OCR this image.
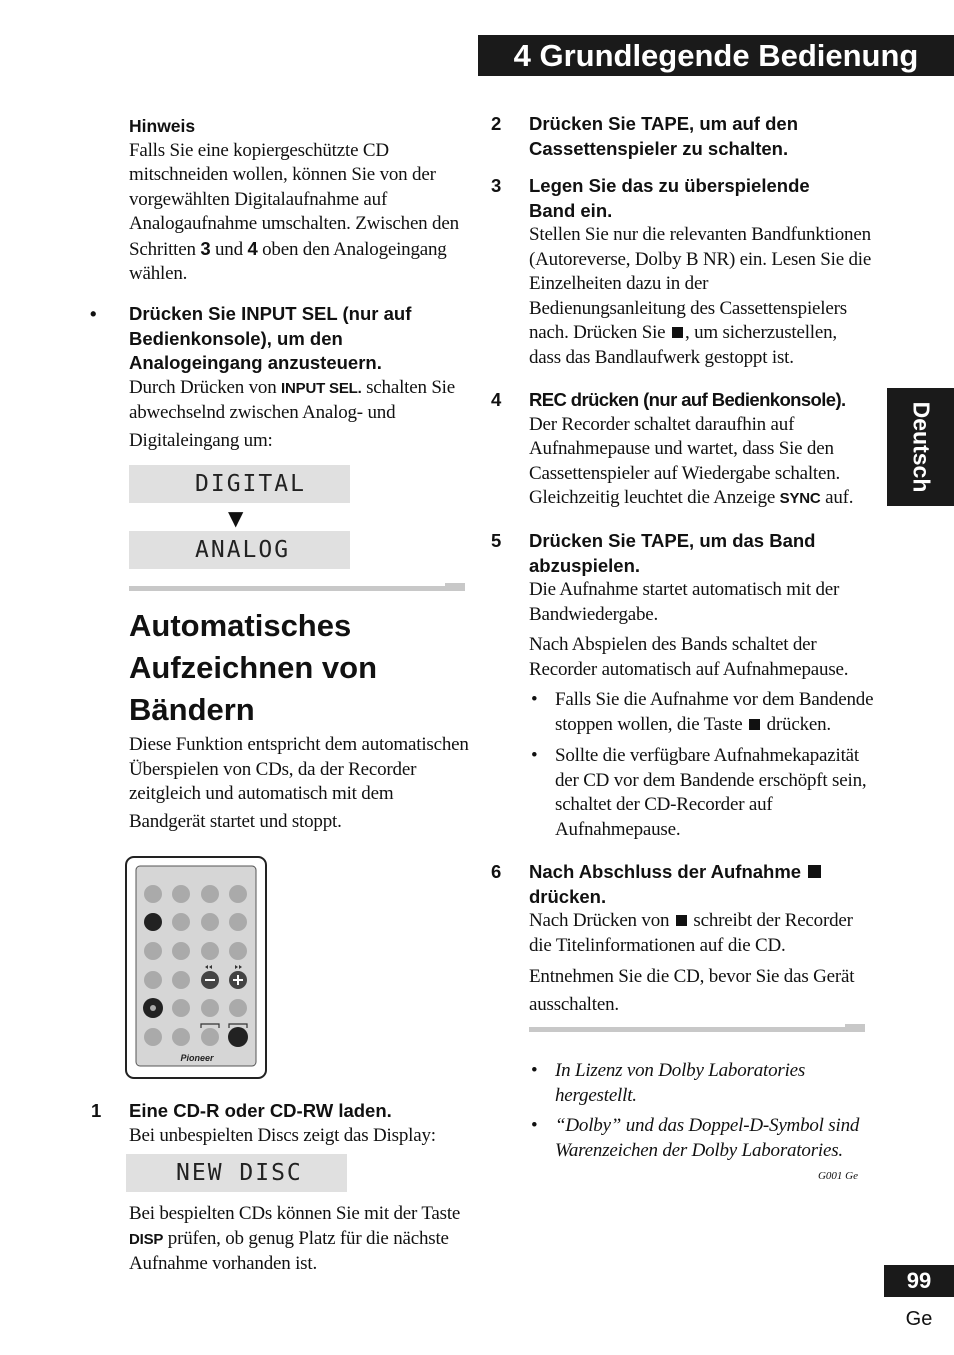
4 Grundlegende Bedienung
Deutsch
Hinweis
Falls Sie eine kopiergeschützte CD
mitschneiden wollen, können Sie von der
vorgewählten Digitalaufnahme auf
Analogaufnahme umschalten. Zwischen den
Schritten 3 und 4 oben den Analogeingang
wählen.
• Drücken Sie INPUT SEL (nur auf
Bedienkonsole), um den
Analogeingang anzusteuern.
Durch Drücken von INPUT SEL. schalten Sie
abwechselnd zwischen Analog- und
Digitaleingang um:
DIGITAL
▼
ANALOG
Automatisches
Aufzeichnen von
Bändern
Diese Funktion entspricht dem automatischen
Überspielen von CDs, da der Recorder
zeitgleich und automatisch mit dem
Bandgerät startet und stoppt.
Pioneer
1 Eine CD-R oder CD-RW laden.
Bei unbespielten Discs zeigt das Display:
NEW DISC
Bei bespielten CDs können Sie mit der Taste
DISP prüfen, ob genug Platz für die nächste
Aufnahme vorhanden ist.
2 Drücken Sie TAPE, um auf den
Cassettenspieler zu schalten.
3 Legen Sie das zu überspielende
Band ein.
Stellen Sie nur die relevanten Bandfunktionen
(Autoreverse, Dolby B NR) ein. Lesen Sie die
Einzelheiten dazu in der
Bedienungsanleitung des Cassettenspielers
nach. Drücken Sie , um sicherzustellen,
dass das Bandlaufwerk gestoppt ist.
4 REC drücken (nur auf Bedienkonsole).
Der Recorder schaltet daraufhin auf
Aufnahmepause und wartet, dass Sie den
Cassettenspieler auf Wiedergabe schalten.
Gleichzeitig leuchtet die Anzeige SYNC auf.
5 Drücken Sie TAPE, um das Band
abzuspielen.
Die Aufnahme startet automatisch mit der
Bandwiedergabe.
Nach Abspielen des Bands schaltet der
Recorder automatisch auf Aufnahmepause.
• Falls Sie die Aufnahme vor dem Bandende
stoppen wollen, die Taste  drücken.
• Sollte die verfügbare Aufnahmekapazität
der CD vor dem Bandende erschöpft sein,
schaltet der CD-Recorder auf
Aufnahmepause.
6 Nach Abschluss der Aufnahme
drücken.
Nach Drücken von  schreibt der Recorder
die Titelinformationen auf die CD.
Entnehmen Sie die CD, bevor Sie das Gerät
ausschalten.
• In Lizenz von Dolby Laboratories
hergestellt.
• “Dolby” und das Doppel-D-Symbol sind
Warenzeichen der Dolby Laboratories.
G001 Ge
99
Ge
